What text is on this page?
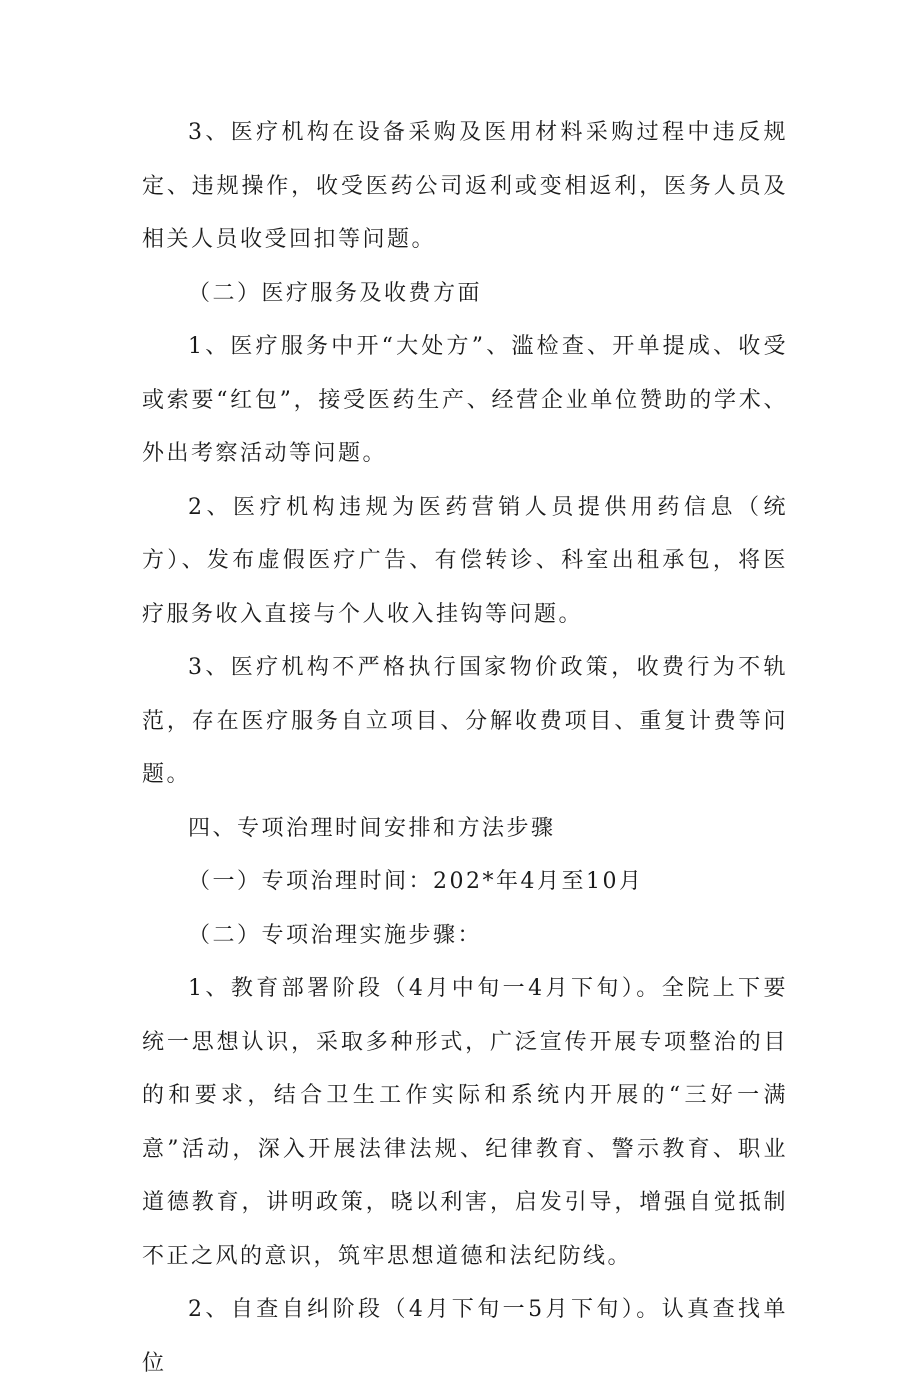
3、医疗机构在设备采购及医用材料采购过程中违反规定、违规操作，收受医药公司返利或变相返利，医务人员及相关人员收受回扣等问题。

（二）医疗服务及收费方面

1、医疗服务中开“大处方”、滥检查、开单提成、收受或索要“红包”，接受医药生产、经营企业单位赞助的学术、外出考察活动等问题。

2、医疗机构违规为医药营销人员提供用药信息（统方）、发布虚假医疗广告、有偿转诊、科室出租承包，将医疗服务收入直接与个人收入挂钩等问题。

3、医疗机构不严格执行国家物价政策，收费行为不轨范，存在医疗服务自立项目、分解收费项目、重复计费等问题。

四、专项治理时间安排和方法步骤

（一）专项治理时间：202*年4月至10月

（二）专项治理实施步骤：

1、教育部署阶段（4月中旬一4月下旬）。全院上下要统一思想认识，采取多种形式，广泛宣传开展专项整治的目的和要求，结合卫生工作实际和系统内开展的“三好一满意”活动，深入开展法律法规、纪律教育、警示教育、职业道德教育，讲明政策，晓以利害，启发引导，增强自觉抵制不正之风的意识，筑牢思想道德和法纪防线。

2、自查自纠阶段（4月下旬一5月下旬）。认真查找单位
